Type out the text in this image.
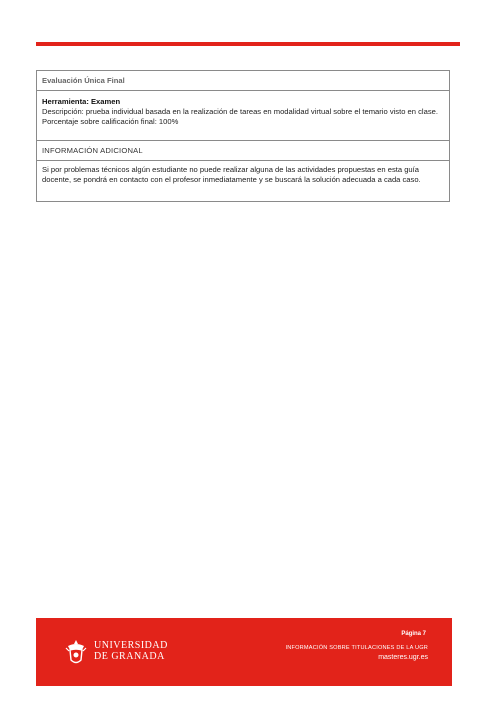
Evaluación Única Final
Herramienta: Examen
Descripción: prueba individual basada en la realización de tareas en modalidad virtual sobre el temario visto en clase.
Porcentaje sobre calificación final: 100%
INFORMACIÓN ADICIONAL
Si por problemas técnicos algún estudiante no puede realizar alguna de las actividades propuestas en esta guía docente, se pondrá en contacto con el profesor inmediatamente y se buscará la solución adecuada a cada caso.
UNIVERSIDAD
DE GRANADA
Página 7
INFORMACIÓN SOBRE TITULACIONES DE LA UGR
masteres.ugr.es
